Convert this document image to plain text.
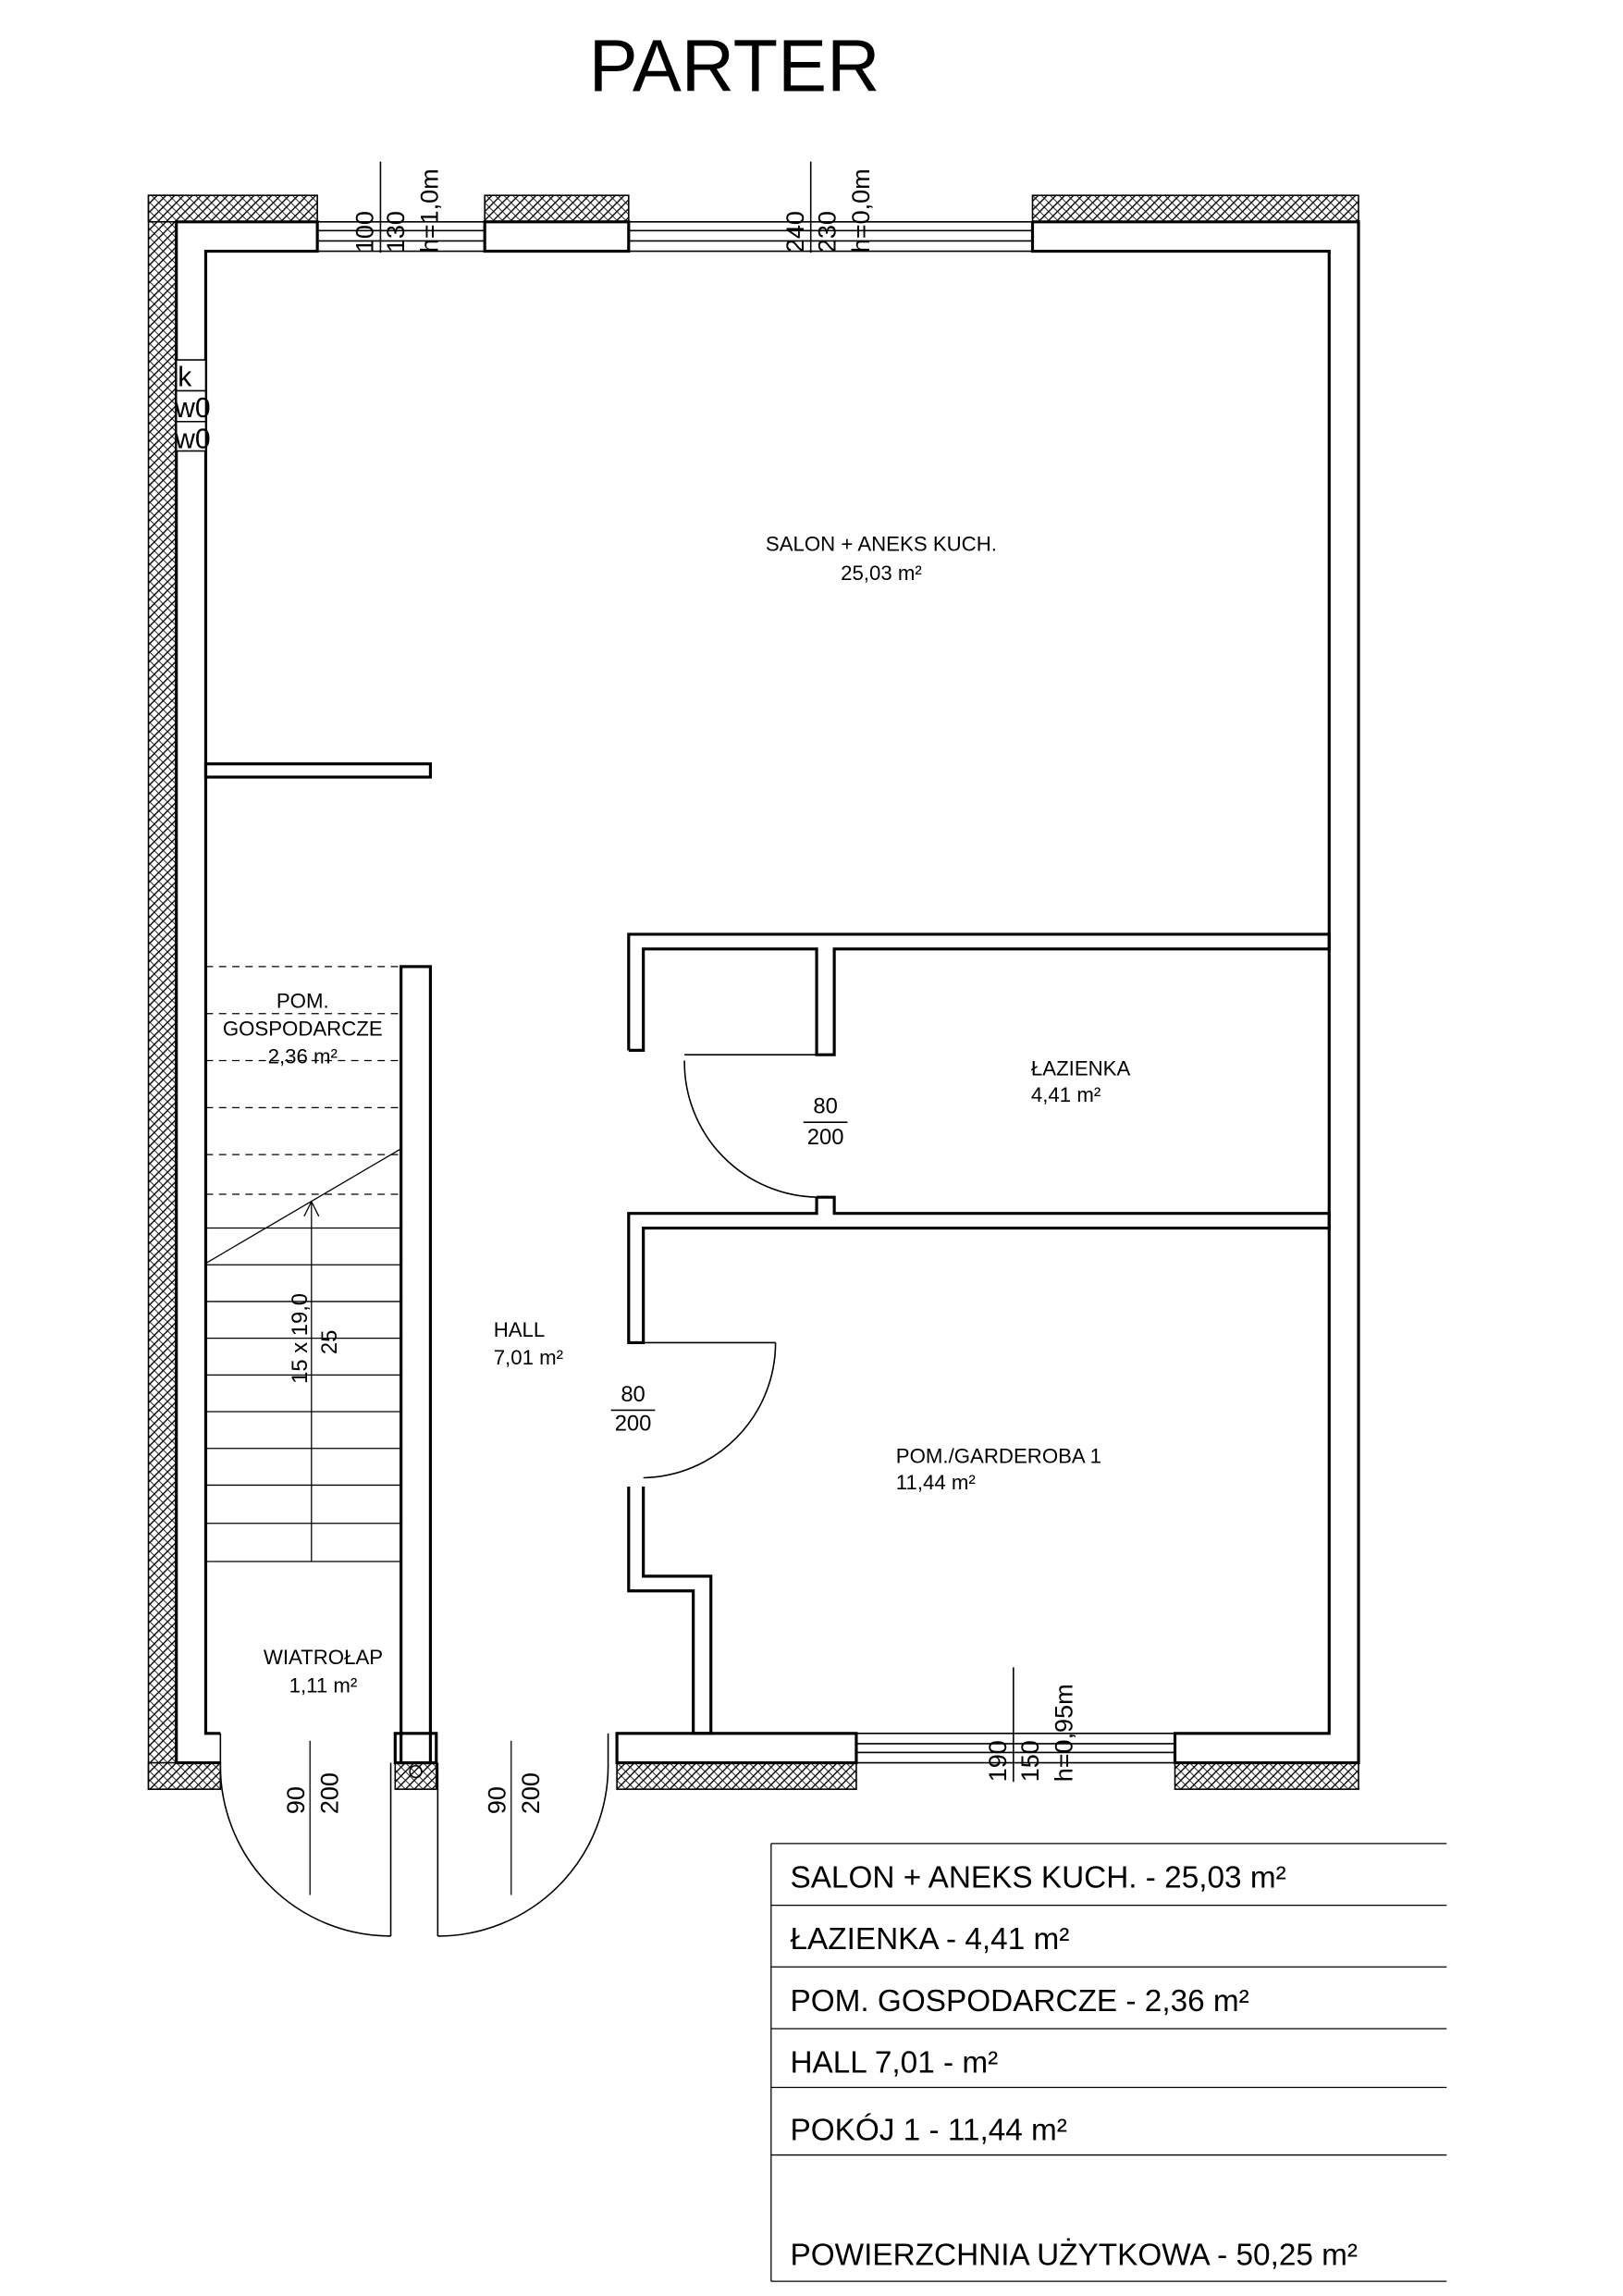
PARTER
100 130 h=1,0m	240 230 h=0,0m
190 150 h=0,95m
k
w0
w0
15 x 19,0 25
80
200
80
200
90 200	90 200
SALON + ANEKS KUCH.
25,03 m²
ŁAZIENKA
4,41 m²
POM.
GOSPODARCZE
2,36 m²
HALL
7,01 m²
POM./GARDEROBA 1
11,44 m²
WIATROŁAP
1,11 m²
SALON + ANEKS KUCH. - 25,03 m²
ŁAZIENKA - 4,41 m²
POM. GOSPODARCZE - 2,36 m²
HALL 7,01 - m²
POKÓJ 1 - 11,44 m²
POWIERZCHNIA UŻYTKOWA - 50,25 m²
